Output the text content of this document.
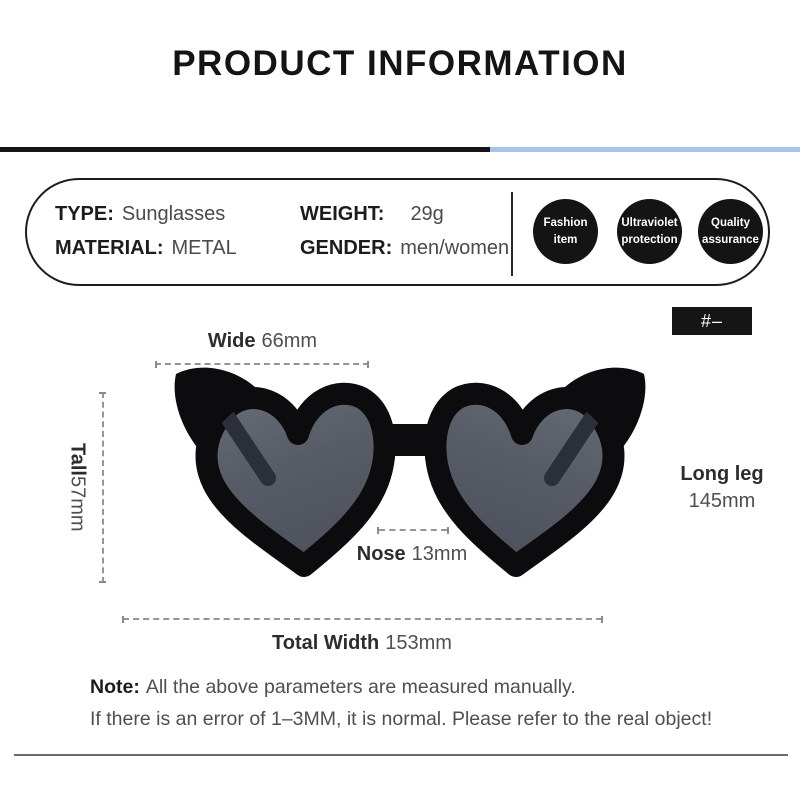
PRODUCT INFORMATION
TYPE: Sunglasses
MATERIAL: METAL
WEIGHT: 29g
GENDER: men/women
Fashion
item
Ultraviolet
protection
Quality
assurance
#–
Wide 66mm
Tall57mm
Nose 13mm
Long leg
145mm
Total Width 153mm
Note: All the above parameters are measured manually.
If there is an error of 1–3MM, it is normal. Please refer to the real object!
